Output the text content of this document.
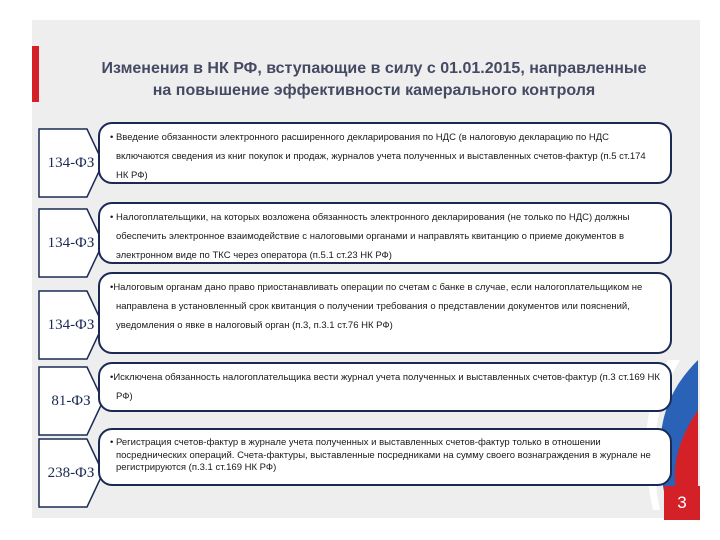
Изменения в НК РФ, вступающие в силу с 01.01.2015, направленные
на повышение эффективности камерального контроля
134-ФЗ

• Введение обязанности электронного расширенного декларирования по НДС (в налоговую декларацию по НДС включаются сведения из книг покупок и продаж, журналов учета полученных и выставленных счетов-фактур (п.5 ст.174 НК РФ)

134-ФЗ

• Налогоплательщики, на которых возложена обязанность электронного декларирования (не только по НДС) должны обеспечить электронное взаимодействие с налоговыми органами и направлять квитанцию о приеме документов в электронном виде по ТКС через оператора (п.5.1 ст.23 НК РФ)

134-ФЗ

•Налоговым органам дано право приостанавливать операции по счетам с банке в случае, если налогоплательщиком не направлена в установленный срок квитанция о получении требования о представлении документов или пояснений, уведомления о явке в налоговый орган (п.3, п.3.1 ст.76 НК РФ)

81-ФЗ

•Исключена обязанность налогоплательщика вести журнал учета полученных и выставленных счетов-фактур (п.3 ст.169 НК РФ)

238-ФЗ

• Регистрация счетов-фактур в журнале учета полученных и выставленных счетов-фактур только в отношении посреднических операций. Счета-фактуры, выставленные посредниками на сумму своего вознаграждения в журнале не регистрируются (п.3.1 ст.169 НК РФ)

3
